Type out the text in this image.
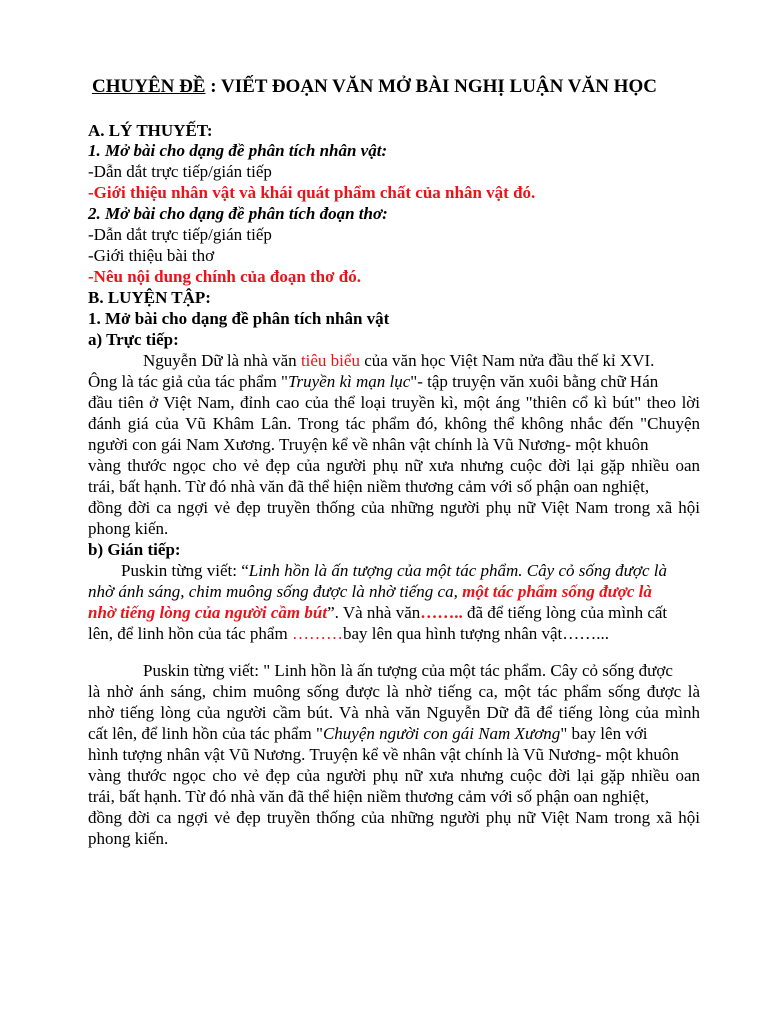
CHUYÊN ĐỀ : VIẾT ĐOẠN VĂN MỞ BÀI NGHỊ LUẬN VĂN HỌC
A. LÝ THUYẾT:
1. Mở bài cho dạng đề phân tích nhân vật:
-Dẫn dắt trực tiếp/gián tiếp
-Giới thiệu nhân vật và khái quát phẩm chất của nhân vật đó.
2. Mở bài cho dạng đề phân tích đoạn thơ:
-Dẫn dắt trực tiếp/gián tiếp
-Giới thiệu bài thơ
-Nêu nội dung chính của đoạn thơ đó.
B. LUYỆN TẬP:
1. Mở bài cho dạng đề phân tích nhân vật
a) Trực tiếp:
Nguyễn Dữ là nhà văn tiêu biểu của văn học Việt Nam nửa đầu thế kỉ XVI.
Ông là tác giả của tác phẩm "Truyền kì mạn lục"- tập truyện văn xuôi bằng chữ Hán
đầu tiên ở Việt Nam, đỉnh cao của thể loại truyền kì, một áng "thiên cổ kì bút" theo lời
đánh giá của Vũ Khâm Lân. Trong tác phẩm đó, không thể không nhắc đến "Chuyện
người con gái Nam Xương. Truyện kể về nhân vật chính là Vũ Nương- một khuôn
vàng thước ngọc cho vẻ đẹp của người phụ nữ xưa nhưng cuộc đời lại gặp nhiều oan
trái, bất hạnh. Từ đó nhà văn đã thể hiện niềm thương cảm với số phận oan nghiệt,
đồng đời ca ngợi vẻ đẹp truyền thống của những người phụ nữ Việt Nam trong xã hội
phong kiến.
b) Gián tiếp:
Puskin từng viết: “Linh hồn là ấn tượng của một tác phẩm. Cây cỏ sống được là
nhờ ánh sáng, chim muông sống được là nhờ tiếng ca, một tác phẩm sống được là
nhờ tiếng lòng của người cầm bút”. Và nhà văn…….. đã để tiếng lòng của mình cất
lên, để linh hồn của tác phẩm ………bay lên qua hình tượng nhân vật……...
Puskin từng viết: " Linh hồn là ấn tượng của một tác phẩm. Cây cỏ sống được
là nhờ ánh sáng, chim muông sống được là nhờ tiếng ca, một tác phẩm sống được là
nhờ tiếng lòng của người cầm bút. Và nhà văn Nguyễn Dữ đã để tiếng lòng của mình
cất lên, để linh hồn của tác phẩm "Chuyện người con gái Nam Xương" bay lên với
hình tượng nhân vật Vũ Nương. Truyện kể về nhân vật chính là Vũ Nương- một khuôn
vàng thước ngọc cho vẻ đẹp của người phụ nữ xưa nhưng cuộc đời lại gặp nhiều oan
trái, bất hạnh. Từ đó nhà văn đã thể hiện niềm thương cảm với số phận oan nghiệt,
đồng đời ca ngợi vẻ đẹp truyền thống của những người phụ nữ Việt Nam trong xã hội
phong kiến.
